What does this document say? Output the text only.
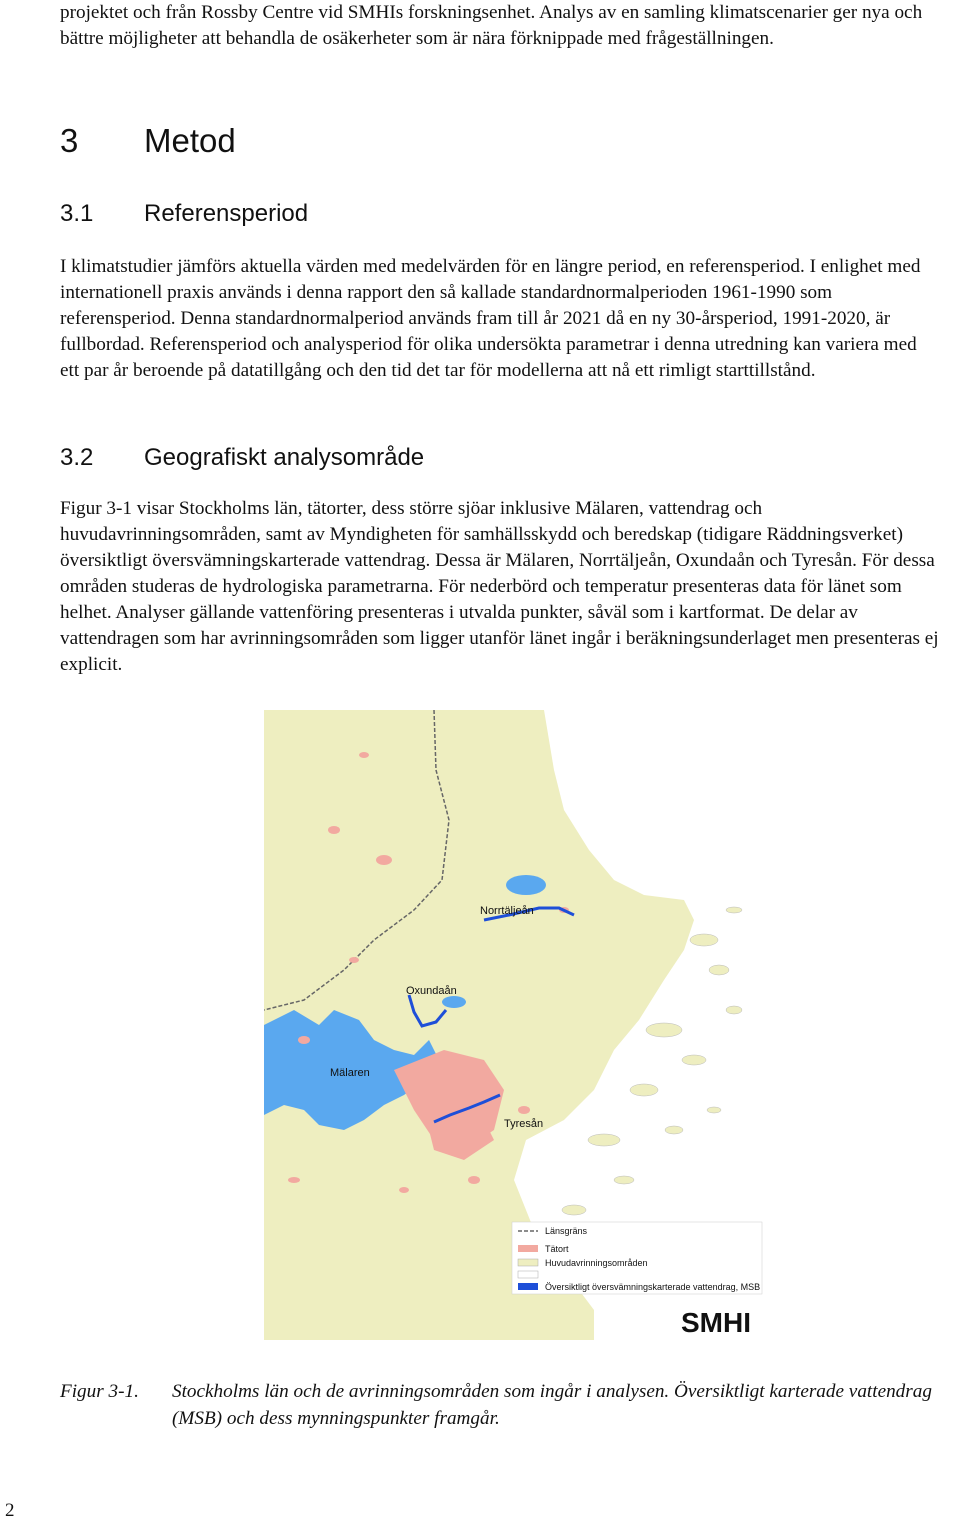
projektet och från Rossby Centre vid SMHIs forskningsenhet. Analys av en samling klimatscenarier ger nya och bättre möjligheter att behandla de osäkerheter som är nära förknippade med frågeställningen.

3 Metod
3.1 Referensperiod

I klimatstudier jämförs aktuella värden med medelvärden för en längre period, en referensperiod. I enlighet med internationell praxis används i denna rapport den så kallade standardnormalperioden 1961-1990 som referensperiod. Denna standardnormalperiod används fram till år 2021 då en ny 30-årsperiod, 1991-2020, är fullbordad. Referensperiod och analysperiod för olika undersökta parametrar i denna utredning kan variera med ett par år beroende på datatillgång och den tid det tar för modellerna att nå ett rimligt starttillstånd.

3.2 Geografiskt analysområde

Figur 3-1 visar Stockholms län, tätorter, dess större sjöar inklusive Mälaren, vattendrag och huvudavrinningsområden, samt av Myndigheten för samhällsskydd och beredskap (tidigare Räddningsverket) översiktligt översvämningskarterade vattendrag. Dessa är Mälaren, Norrtäljeån, Oxundaån och Tyresån. För dessa områden studeras de hydrologiska parametrarna. För nederbörd och temperatur presenteras data för länet som helhet. Analyser gällande vattenföring presenteras i utvalda punkter, såväl som i kartformat. De delar av vattendragen som har avrinningsområden som ligger utanför länet ingår i beräkningsunderlaget men presenteras ej explicit.

Norrtäljeån
Oxundaån
Mälaren
Tyresån
Länsgräns
Tätort
Huvudavrinningsområden
Översiktligt översvämningskarterade vattendrag, MSB
SMHI
Figur 3-1. Stockholms län och de avrinningsområden som ingår i analysen. Översiktligt karterade vattendrag (MSB) och dess mynningspunkter framgår.
2
